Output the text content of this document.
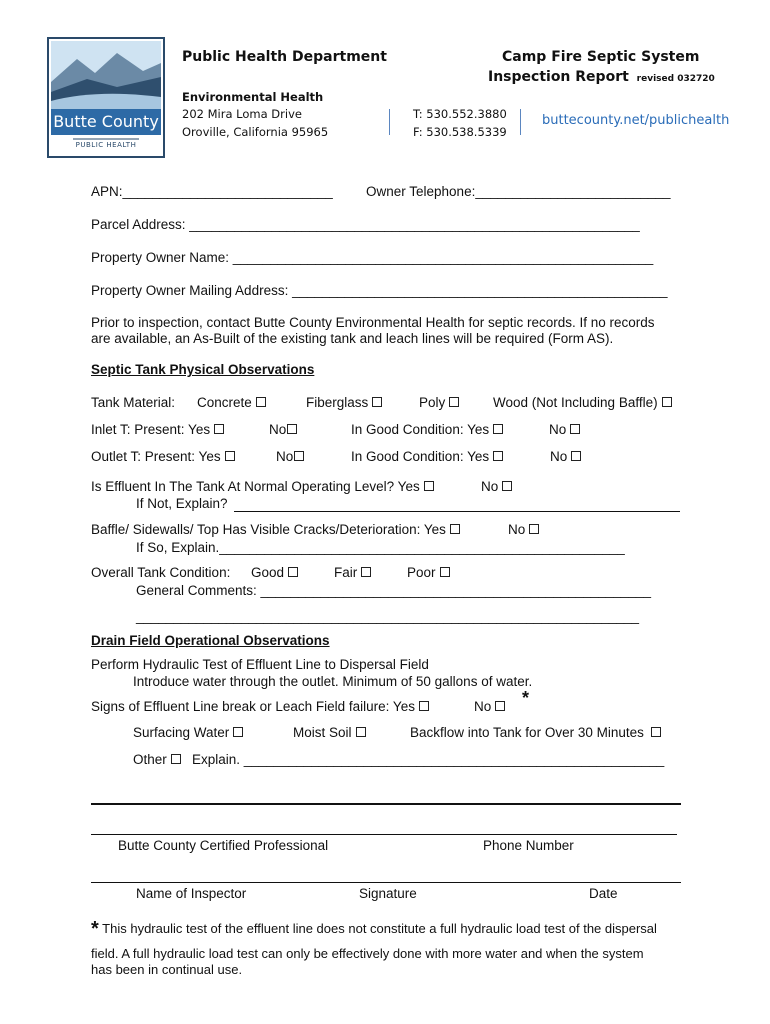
Butte County
PUBLIC HEALTH
Public Health Department
Environmental Health
202 Mira Loma Drive
Oroville, California 95965
T: 530.552.3880
F: 530.538.5339
buttecounty.net/publichealth
Camp Fire Septic System
Inspection Report revised 032720
APN:____________________________ Owner Telephone:__________________________
Parcel Address: ____________________________________________________________
Property Owner Name: ________________________________________________________
Property Owner Mailing Address: __________________________________________________
Prior to inspection, contact Butte County Environmental Health for septic records. If no records
are available, an As-Built of the existing tank and leach lines will be required (Form AS).
Septic Tank Physical Observations
Tank Material: Concrete	Fiberglass	Poly	Wood (Not Including Baffle)
Inlet T: Present: Yes	No	In Good Condition: Yes	No
Outlet T: Present: Yes	No	In Good Condition: Yes	No
Is Effluent In The Tank At Normal Operating Level? Yes	No
If Not, Explain?
Baffle/ Sidewalls/ Top Has Visible Cracks/Deterioration: Yes	No
If So, Explain.______________________________________________________
Overall Tank Condition: Good	Fair	Poor
General Comments: ____________________________________________________
___________________________________________________________________
Drain Field Operational Observations
Perform Hydraulic Test of Effluent Line to Dispersal Field
Introduce water through the outlet. Minimum of 50 gallons of water.
Signs of Effluent Line break or Leach Field failure: Yes	No	*
Surfacing Water	Moist Soil	Backflow into Tank for Over 30 Minutes
Other	Explain. ________________________________________________________
Butte County Certified Professional	Phone Number
Name of Inspector	Signature	Date
* This hydraulic test of the effluent line does not constitute a full hydraulic load test of the dispersal
field. A full hydraulic load test can only be effectively done with more water and when the system
has been in continual use.
